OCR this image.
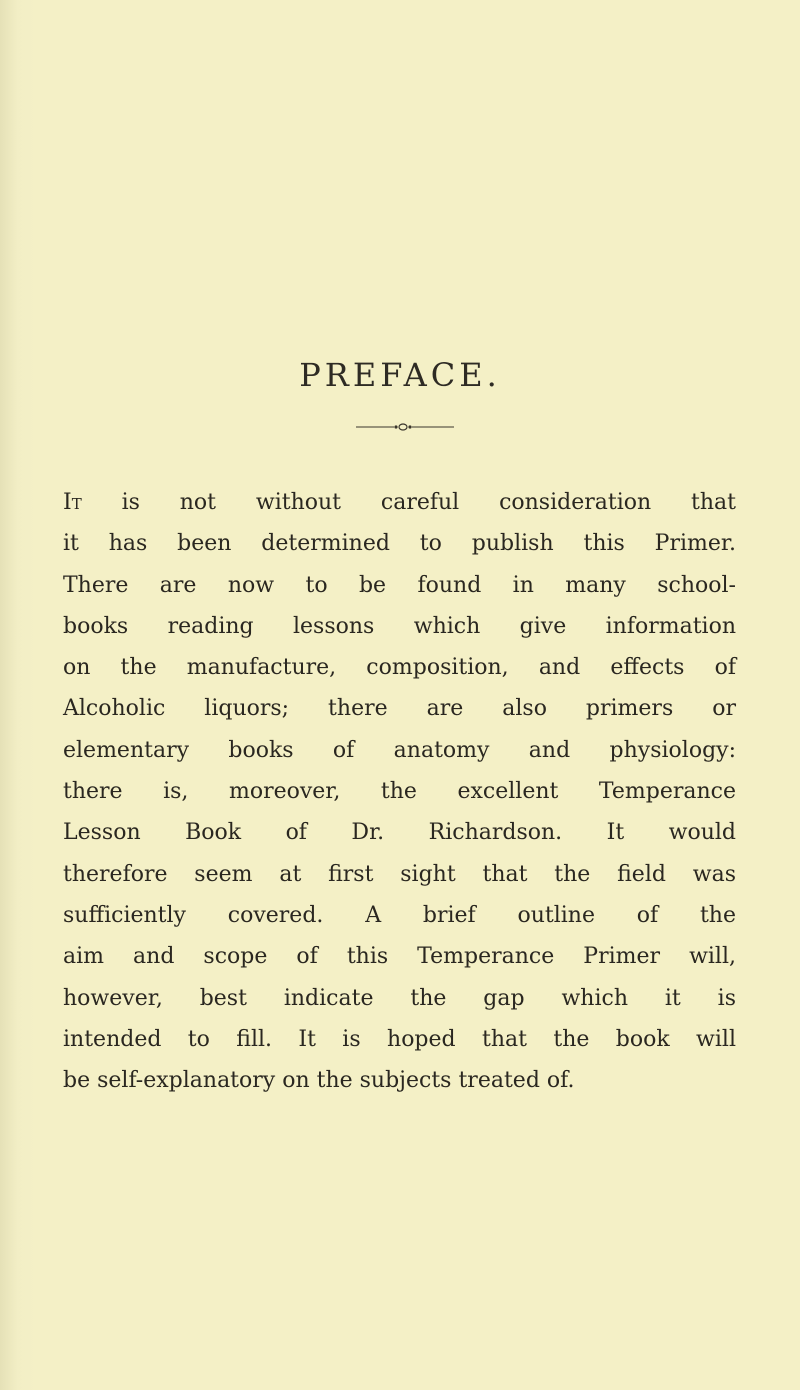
PREFACE.
It is not without careful consideration that
it has been determined to publish this Primer.
There are now to be found in many school-
books reading lessons which give information
on the manufacture, composition, and effects of
Alcoholic liquors; there are also primers or
elementary books of anatomy and physiology:
there is, moreover, the excellent Temperance
Lesson Book of Dr. Richardson. It would
therefore seem at first sight that the field was
sufficiently covered. A brief outline of the
aim and scope of this Temperance Primer will,
however, best indicate the gap which it is
intended to fill. It is hoped that the book will
be self-explanatory on the subjects treated of.
